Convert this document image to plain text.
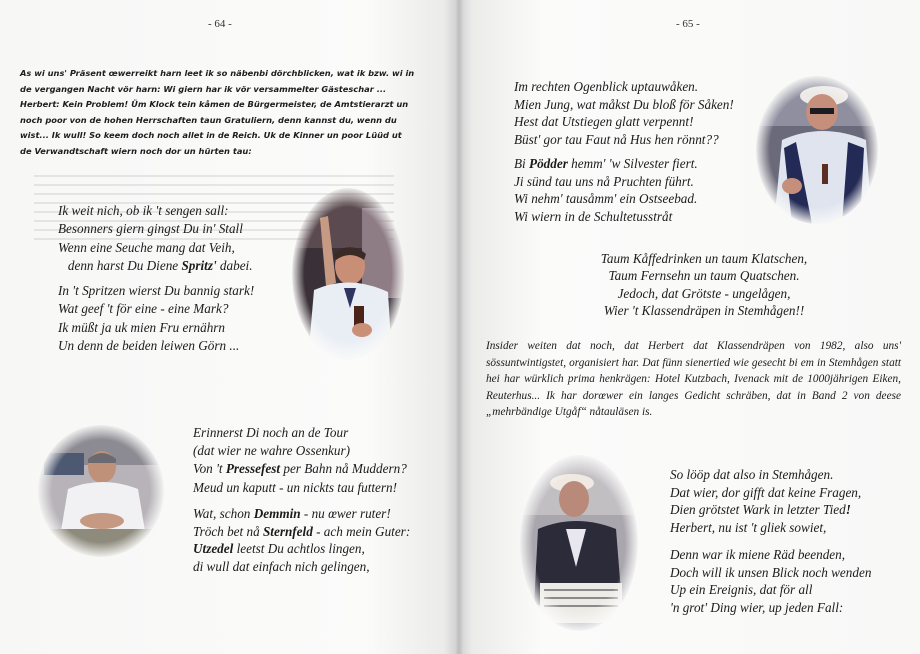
- 64 -
As wi uns' Präsent œwerreikt harn leet ik so näbenbi dörchblicken, wat ik bzw. wi in
de vergangen Nacht vör harn: Wi giern har ik vör versammelter Gästeschar ...
Herbert: Kein Problem! Üm Klock tein kåmen de Bürgermeister, de Amtstierarzt un
noch poor von de hohen Herrschaften taun Gratuliern, denn kannst du, wenn du
wist... Ik wull! So keem doch noch allet in de Reich. Uk de Kinner un poor Lüüd ut
de Verwandtschaft wiern noch dor un hürten tau:
Ik weit nich, ob ik 't sengen sall:
Besonners giern gingst Du in' Stall
Wenn eine Seuche mang dat Veih,
denn harst Du Diene Spritz' dabei.
In 't Spritzen wierst Du bannig stark!
Wat geef 't för eine - eine Mark?
Ik müßt ja uk mien Fru ernährn
Un denn de beiden leiwen Görn ...
Erinnerst Di noch an de Tour
(dat wier ne wahre Ossenkur)
Von 't Pressefest per Bahn nå Muddern?
Meud un kaputt - un nickts tau futtern!
Wat, schon Demmin - nu œwer ruter!
Tröch bet nå Sternfeld - ach mein Guter:
Utzedel leetst Du achtlos lingen,
di wull dat einfach nich gelingen,
- 65 -
Im rechten Ogenblick uptauwåken.
Mien Jung, wat måkst Du bloß för Såken!
Hest dat Utstiegen glatt verpennt!
Büst' gor tau Faut nå Hus hen rönnt??
Bi Pödder hemm' 'w Silvester fiert.
Ji sünd tau uns nå Pruchten führt.
Wi nehm' tausåmm' ein Ostseebad.
Wi wiern in de Schultetusstråt
Taum Kåffedrinken un taum Klatschen,
Taum Fernsehn un taum Quatschen.
Jedoch, dat Grötste - ungelågen,
Wier 't Klassendräpen in Stemhågen!!
Insider weiten dat noch, dat Herbert dat Klassendräpen von 1982, also uns' sössuntwintigstet, organisiert har. Dat fünn sienertied wie gesecht bi em in Stemhågen statt hei har würklich prima henkrägen: Hotel Kutzbach, Ivenack mit de 1000jährigen Eiken, Reuterhus... Ik har dorœwer ein langes Gedicht schräben, dat in Band 2 von deese „mehrbändige Utgåf“ nåtauläsen is.
So lööp dat also in Stemhågen.
Dat wier, dor gifft dat keine Fragen,
Dien grötstet Wark in letzter Tied!
Herbert, nu ist 't gliek sowiet,
Denn war ik miene Räd beenden,
Doch will ik unsen Blick noch wenden
Up ein Ereignis, dat för all
'n grot' Ding wier, up jeden Fall:
